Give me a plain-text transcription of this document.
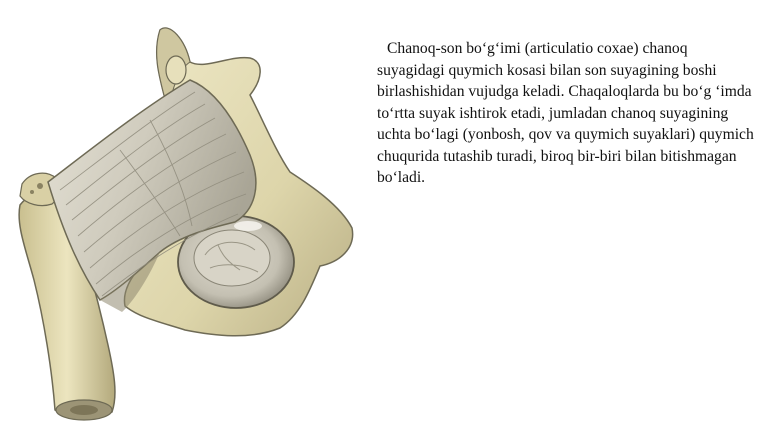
Chanoq-son bo‘g‘imi (articulatio coxae) chanoq suyagidagi quymich kosasi bilan son suyagining boshi birlashishidan vujudga keladi. Chaqaloqlarda bu bo‘g ‘imda to‘rtta suyak ishtirok etadi, jumladan chanoq suyagining uchta bo‘lagi (yonbosh, qov va quymich suyaklari) quymich chuqurida tutashib turadi, biroq bir-biri bilan bitishmagan bo‘ladi.
